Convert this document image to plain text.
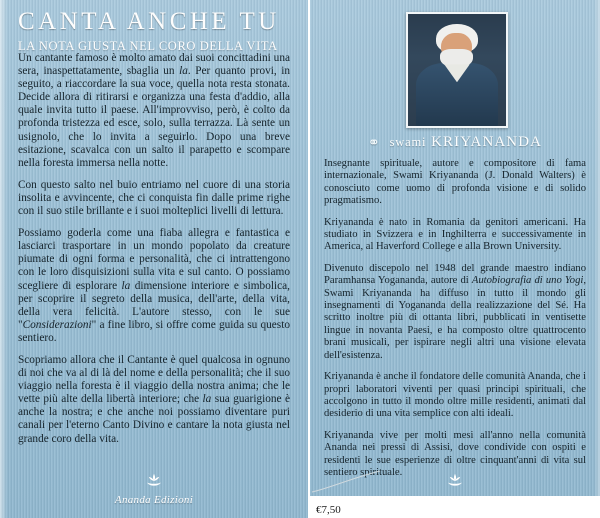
CANTA ANCHE TU
LA NOTA GIUSTA NEL CORO DELLA VITA

Un cantante famoso è molto amato dai suoi concittadini una sera, inaspettatamente, sbaglia un la. Per quanto provi, in seguito, a riaccordare la sua voce, quella nota resta stonata. Decide allora di ritirarsi e organizza una festa d'addio, alla quale invita tutto il paese. All'improvviso, però, è colto da profonda tristezza ed esce, solo, sulla terrazza. Là sente un usignolo, che lo invita a seguirlo. Dopo una breve esitazione, scavalca con un salto il parapetto e scompare nella foresta immersa nella notte.

Con questo salto nel buio entriamo nel cuore di una storia insolita e avvincente, che ci conquista fin dalle prime righe con il suo stile brillante e i suoi molteplici livelli di lettura.

Possiamo goderla come una fiaba allegra e fantastica e lasciarci trasportare in un mondo popolato da creature piumate di ogni forma e personalità, che ci intrattengono con le loro disquisizioni sulla vita e sul canto. O possiamo scegliere di esplorare la dimensione interiore e simbolica, per scoprire il segreto della musica, dell'arte, della vita, della vera felicità. L'autore stesso, con le sue "Considerazioni" a fine libro, si offre come guida su questo sentiero.

Scopriamo allora che il Cantante è quel qualcosa in ognuno di noi che va al di là del nome e della personalità; che il suo viaggio nella foresta è il viaggio della nostra anima; che le vette più alte della libertà interiore; che la sua guarigione è anche la nostra; e che anche noi possiamo diventare puri canali per l'eterno Canto Divino e cantare la nota giusta nel grande coro della vita.

Ananda Edizioni
⚭ swami KRIYANANDA

Insegnante spirituale, autore e compositore di fama internazionale, Swami Kriyananda (J. Donald Walters) è conosciuto come uomo di profonda visione e di solido pragmatismo.

Kriyananda è nato in Romania da genitori americani. Ha studiato in Svizzera e in Inghilterra e successivamente in America, al Haverford College e alla Brown University.

Divenuto discepolo nel 1948 del grande maestro indiano Paramhansa Yogananda, autore di Autobiografia di uno Yogi, Swami Kriyananda ha diffuso in tutto il mondo gli insegnamenti di Yogananda della realizzazione del Sé. Ha scritto inoltre più di ottanta libri, pubblicati in ventisette lingue in novanta Paesi, e ha composto oltre quattrocento brani musicali, per ispirare negli altri una visione elevata dell'esistenza.

Kriyananda è anche il fondatore delle comunità Ananda, che i propri laboratori viventi per quasi principi spirituali, che accolgono in tutto il mondo oltre mille residenti, animati dal desiderio di una vita semplice con alti ideali.

Kriyananda vive per molti mesi all'anno nella comunità Ananda nei pressi di Assisi, dove condivide con ospiti e residenti le sue esperienze di oltre cinquant'anni di vita sul sentiero spirituale.

€7,50
